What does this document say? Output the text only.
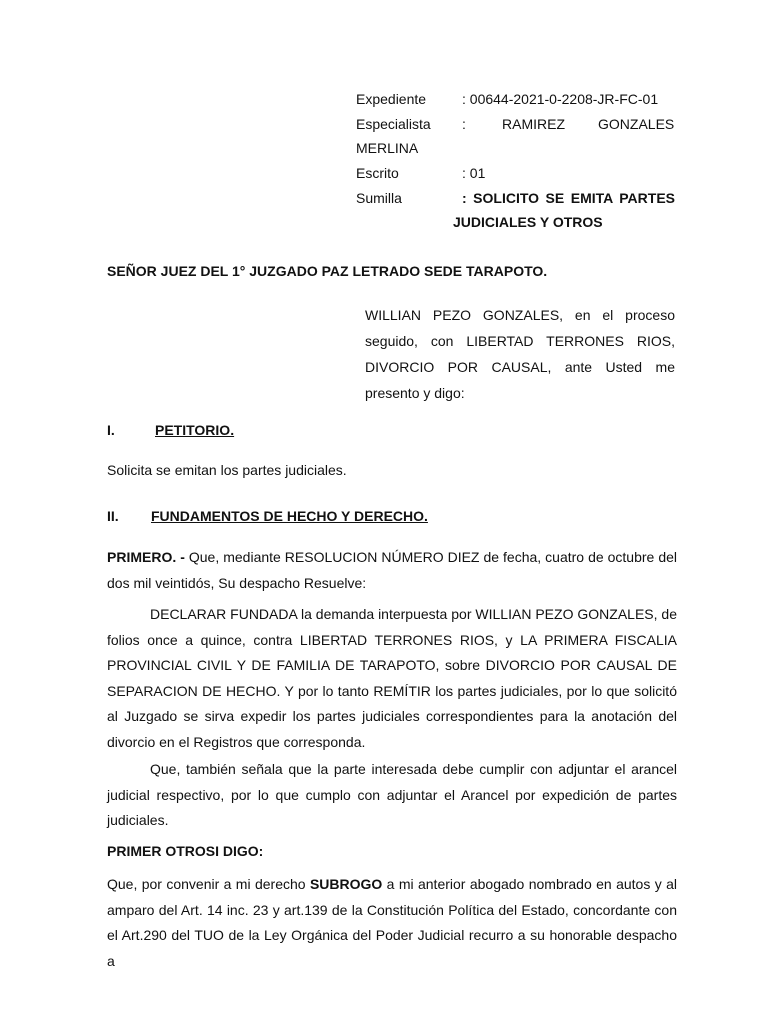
Expediente	: 00644-2021-0-2208-JR-FC-01
Especialista :	RAMIREZ GONZALES
MERLINA
Escrito	: 01
Sumilla	: SOLICITO SE EMITA PARTES
JUDICIALES Y OTROS
SEÑOR JUEZ DEL 1° JUZGADO PAZ LETRADO SEDE TARAPOTO.
WILLIAN PEZO GONZALES, en el proceso
seguido, con LIBERTAD TERRONES RIOS,
DIVORCIO POR CAUSAL, ante Usted me
presento y digo:
I.	PETITORIO.
Solicita se emitan los partes judiciales.
II. FUNDAMENTOS DE HECHO Y DERECHO.
PRIMERO. - Que, mediante RESOLUCION NÚMERO DIEZ de fecha, cuatro de octubre del
dos mil veintidós, Su despacho Resuelve:
DECLARAR FUNDADA la demanda interpuesta por WILLIAN PEZO GONZALES, de
folios once a quince, contra LIBERTAD TERRONES RIOS, y LA PRIMERA FISCALIA
PROVINCIAL CIVIL Y DE FAMILIA DE TARAPOTO, sobre DIVORCIO POR CAUSAL DE
SEPARACION DE HECHO. Y por lo tanto REMÍTIR los partes judiciales, por lo que solicitó
al Juzgado se sirva expedir los partes judiciales correspondientes para la anotación del
divorcio en el Registros que corresponda.
Que, también señala que la parte interesada debe cumplir con adjuntar el arancel
judicial respectivo, por lo que cumplo con adjuntar el Arancel por expedición de partes
judiciales.
PRIMER OTROSI DIGO:
Que, por convenir a mi derecho SUBROGO a mi anterior abogado nombrado en autos y al
amparo del Art. 14 inc. 23 y art.139 de la Constitución Política del Estado, concordante con
el Art.290 del TUO de la Ley Orgánica del Poder Judicial recurro a su honorable despacho a
